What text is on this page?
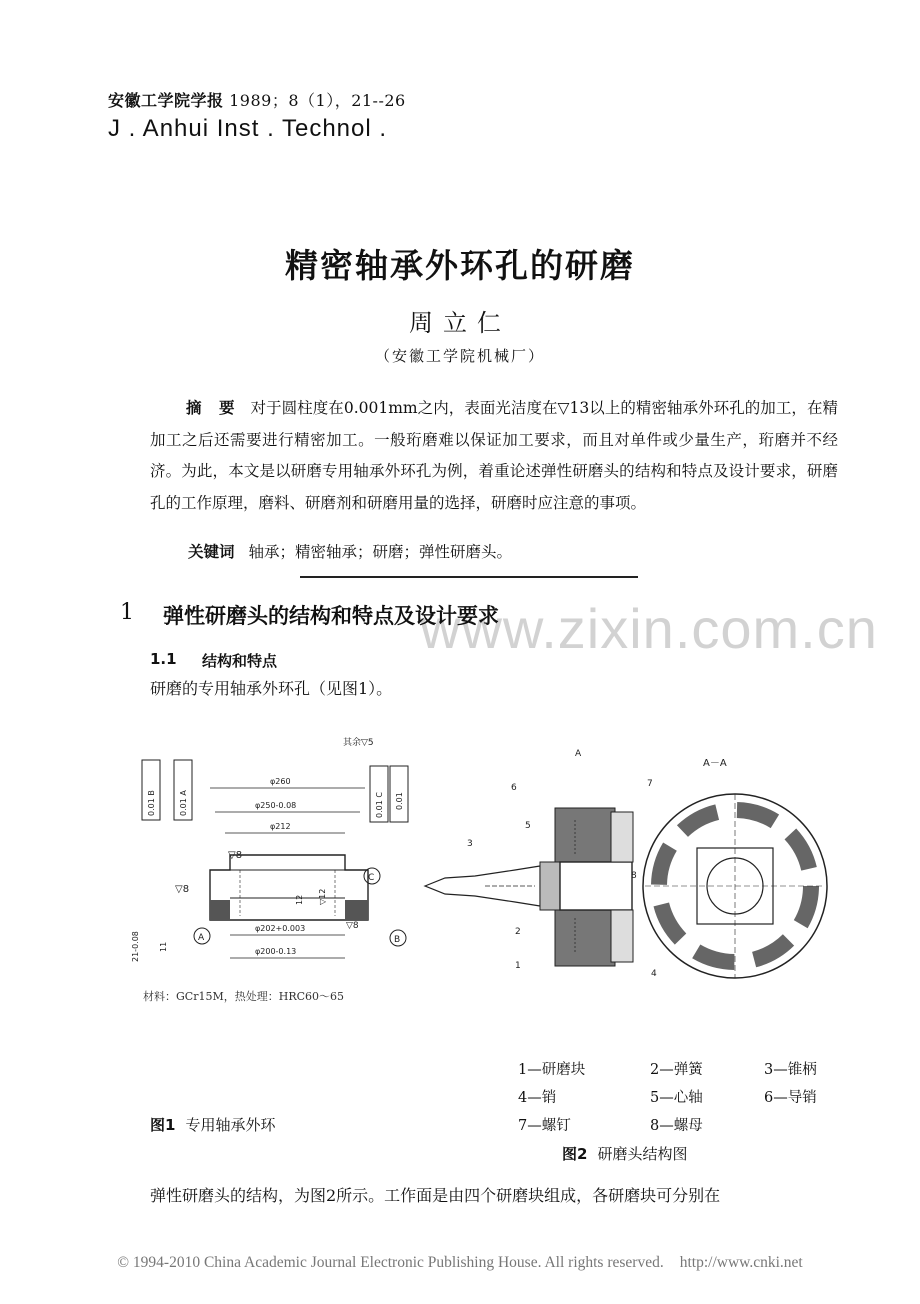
安徽工学院学报 1989；8（1），21--26
J . Anhui Inst . Technol .
精密轴承外环孔的研磨
周立仁
（安徽工学院机械厂）
摘 要 对于圆柱度在0.001mm之内，表面光洁度在▽13以上的精密轴承外环孔的加工，在精加工之后还需要进行精密加工。一般珩磨难以保证加工要求，而且对单件或少量生产，珩磨并不经济。为此，本文是以研磨专用轴承外环孔为例，着重论述弹性研磨头的结构和特点及设计要求，研磨孔的工作原理，磨料、研磨剂和研磨用量的选择，研磨时应注意的事项。
关键词 轴承；精密轴承；研磨；弹性研磨头。
www.zixin.com.cn
1 弹性研磨头的结构和特点及设计要求
1.1 结构和特点
研磨的专用轴承外环孔（见图1）。
其余▽5
0.01 B	0.01 A	0.01 C 0.01
φ260
φ250-0.08
φ212
▽8
▽8	▽12
12
▽8
C
A	B
φ202+0.003
φ200-0.13
21-0.08 11
材料：GCr15M，热处理：HRC60～65
A
A－A
6
5
3
7
2
1
4
8
1—研磨块	2—弹簧	3—锥柄
4—销	5—心轴	6—导销
7—螺钉	8—螺母
图1 专用轴承外环
图2 研磨头结构图
弹性研磨头的结构，为图2所示。工作面是由四个研磨块组成，各研磨块可分别在
© 1994-2010 China Academic Journal Electronic Publishing House. All rights reserved. http://www.cnki.net
